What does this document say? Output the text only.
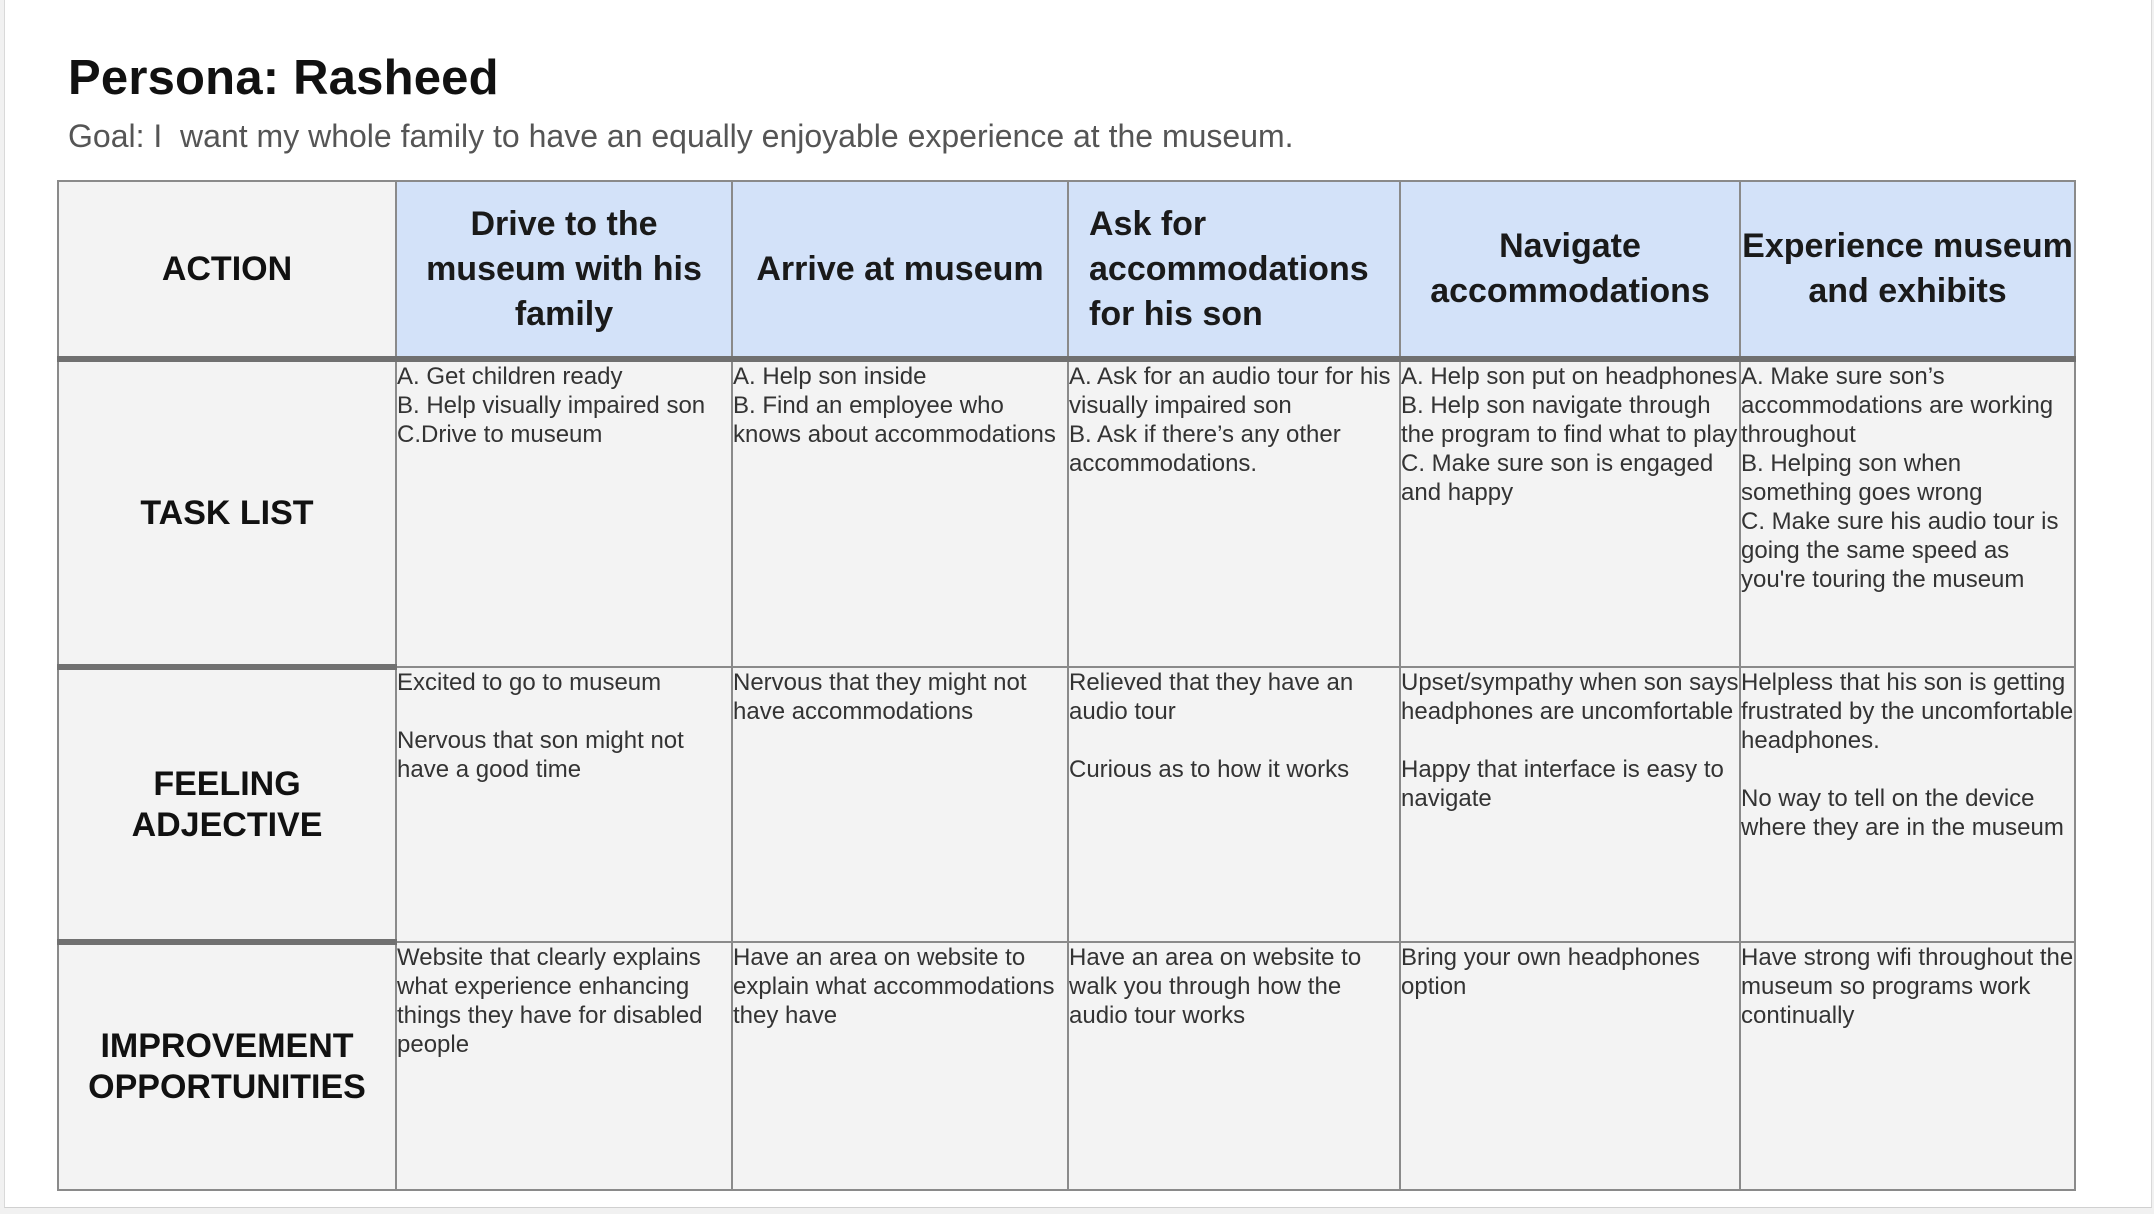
Persona: Rasheed
Goal: I  want my whole family to have an equally enjoyable experience at the museum.
ACTION	Drive to the museum with his family	Arrive at museum	Ask for accommodations for his son	Navigate accommodations	Experience museum and exhibits
TASK LIST	A. Get children ready
B. Help visually impaired son
C.Drive to museum	A. Help son inside
B. Find an employee who knows about accommodations	A. Ask for an audio tour for his visually impaired son
B. Ask if there’s any other accommodations.	A. Help son put on headphones
B. Help son navigate through the program to find what to play
C. Make sure son is engaged and happy	A. Make sure son’s accommodations are working throughout
B. Helping son when something goes wrong
C. Make sure his audio tour is going the same speed as you're touring the museum
FEELING ADJECTIVE	Excited to go to museum

Nervous that son might not have a good time	Nervous that they might not have accommodations	Relieved that they have an audio tour

Curious as to how it works	Upset/sympathy when son says headphones are uncomfortable

Happy that interface is easy to navigate	Helpless that his son is getting frustrated by the uncomfortable headphones.

No way to tell on the device where they are in the museum
IMPROVEMENT OPPORTUNITIES	Website that clearly explains what experience enhancing things they have for disabled people	Have an area on website to explain what accommodations they have	Have an area on website to walk you through how the audio tour works	Bring your own headphones option	Have strong wifi throughout the museum so programs work continually
